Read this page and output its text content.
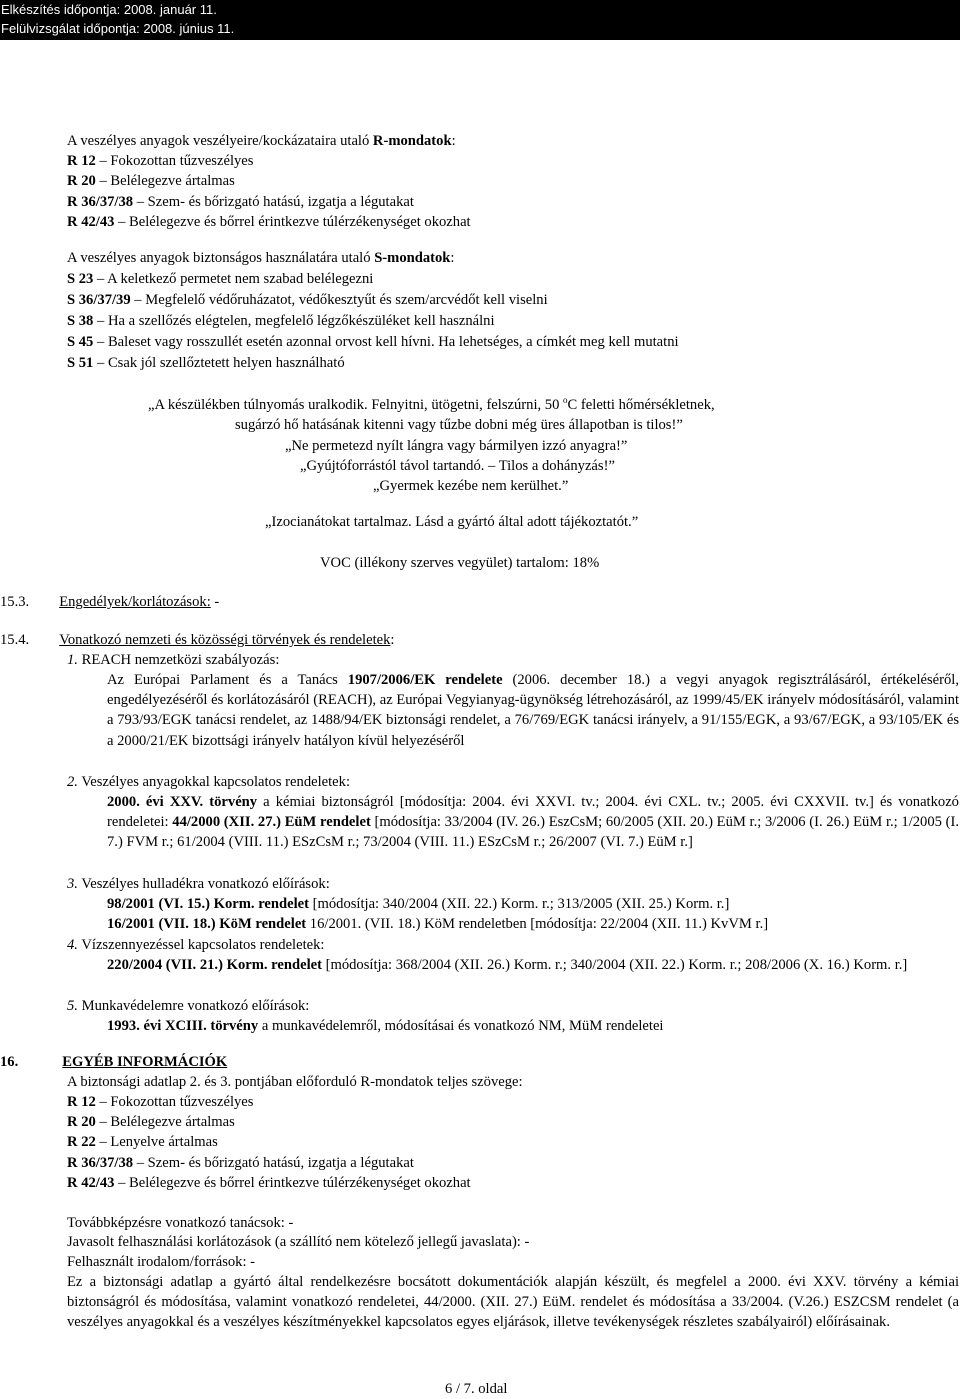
Elkészítés időpontja: 2008. január 11.
Felülvizsgálat időpontja: 2008. június 11.
A veszélyes anyagok veszélyeire/kockázataira utaló R-mondatok:
R 12 – Fokozottan tűzveszélyes
R 20 – Belélegezve ártalmas
R 36/37/38 – Szem- és bőrizgató hatású, izgatja a légutakat
R 42/43 – Belélegezve és bőrrel érintkezve túlérzékenységet okozhat
A veszélyes anyagok biztonságos használatára utaló S-mondatok:
S 23 – A keletkező permetet nem szabad belélegezni
S 36/37/39 – Megfelelő védőruházatot, védőkesztyűt és szem/arcvédőt kell viselni
S 38 – Ha a szellőzés elégtelen, megfelelő légzőkészüléket kell használni
S 45 – Baleset vagy rosszullét esetén azonnal orvost kell hívni. Ha lehetséges, a címkét meg kell mutatni
S 51 – Csak jól szellőztetett helyen használható
„A készülékben túlnyomás uralkodik. Felnyitni, ütögetni, felszúrni, 50 $^o$C feletti hőmérsékletnek,
sugárzó hő hatásának kitenni vagy tűzbe dobni még üres állapotban is tilos!”
„Ne permetezd nyílt lángra vagy bármilyen izzó anyagra!”
„Gyújtóforrástól távol tartandó. – Tilos a dohányzás!”
„Gyermek kezébe nem kerülhet.”
„Izocianátokat tartalmaz. Lásd a gyártó által adott tájékoztatót.”
VOC (illékony szerves vegyület) tartalom: 18%
15.3. Engedélyek/korlátozások: -
15.4. Vonatkozó nemzeti és közösségi törvények és rendeletek:
1. REACH nemzetközi szabályozás:
Az Európai Parlament és a Tanács 1907/2006/EK rendelete (2006. december 18.) a vegyi anyagok regisztrálásáról, értékeléséről, engedélyezéséről és korlátozásáról (REACH), az Európai Vegyianyag-ügynökség létrehozásáról, az 1999/45/EK irányelv módosításáról, valamint a 793/93/EGK tanácsi rendelet, az 1488/94/EK biztonsági rendelet, a 76/769/EGK tanácsi irányelv, a 91/155/EGK, a 93/67/EGK, a 93/105/EK és a 2000/21/EK bizottsági irányelv hatályon kívül helyezéséről
2. Veszélyes anyagokkal kapcsolatos rendeletek:
2000. évi XXV. törvény a kémiai biztonságról [módosítja: 2004. évi XXVI. tv.; 2004. évi CXL. tv.; 2005. évi CXXVII. tv.] és vonatkozó rendeletei: 44/2000 (XII. 27.) EüM rendelet [módosítja: 33/2004 (IV. 26.) EszCsM; 60/2005 (XII. 20.) EüM r.; 3/2006 (I. 26.) EüM r.; 1/2005 (I. 7.) FVM r.; 61/2004 (VIII. 11.) ESzCsM r.; 73/2004 (VIII. 11.) ESzCsM r.; 26/2007 (VI. 7.) EüM r.]
3. Veszélyes hulladékra vonatkozó előírások:
98/2001 (VI. 15.) Korm. rendelet [módosítja: 340/2004 (XII. 22.) Korm. r.; 313/2005 (XII. 25.) Korm. r.]
16/2001 (VII. 18.) KöM rendelet 16/2001. (VII. 18.) KöM rendeletben [módosítja: 22/2004 (XII. 11.) KvVM r.]
4. Vízszennyezéssel kapcsolatos rendeletek:
220/2004 (VII. 21.) Korm. rendelet [módosítja: 368/2004 (XII. 26.) Korm. r.; 340/2004 (XII. 22.) Korm. r.; 208/2006 (X. 16.) Korm. r.]
5. Munkavédelemre vonatkozó előírások:
1993. évi XCIII. törvény a munkavédelemről, módosításai és vonatkozó NM, MüM rendeletei
16.	EGYÉB INFORMÁCIÓK
A biztonsági adatlap 2. és 3. pontjában előforduló R-mondatok teljes szövege:
R 12 – Fokozottan tűzveszélyes
R 20 – Belélegezve ártalmas
R 22 – Lenyelve ártalmas
R 36/37/38 – Szem- és bőrizgató hatású, izgatja a légutakat
R 42/43 – Belélegezve és bőrrel érintkezve túlérzékenységet okozhat
Továbbképzésre vonatkozó tanácsok: -
Javasolt felhasználási korlátozások (a szállító nem kötelező jellegű javaslata): -
Felhasznált irodalom/források: -
Ez a biztonsági adatlap a gyártó által rendelkezésre bocsátott dokumentációk alapján készült, és megfelel a 2000. évi XXV. törvény a kémiai biztonságról és módosítása, valamint vonatkozó rendeletei, 44/2000. (XII. 27.) EüM. rendelet és módosítása a 33/2004. (V.26.) ESZCSM rendelet (a veszélyes anyagokkal és a veszélyes készítményekkel kapcsolatos egyes eljárások, illetve tevékenységek részletes szabályairól) előírásainak.
6 / 7. oldal
